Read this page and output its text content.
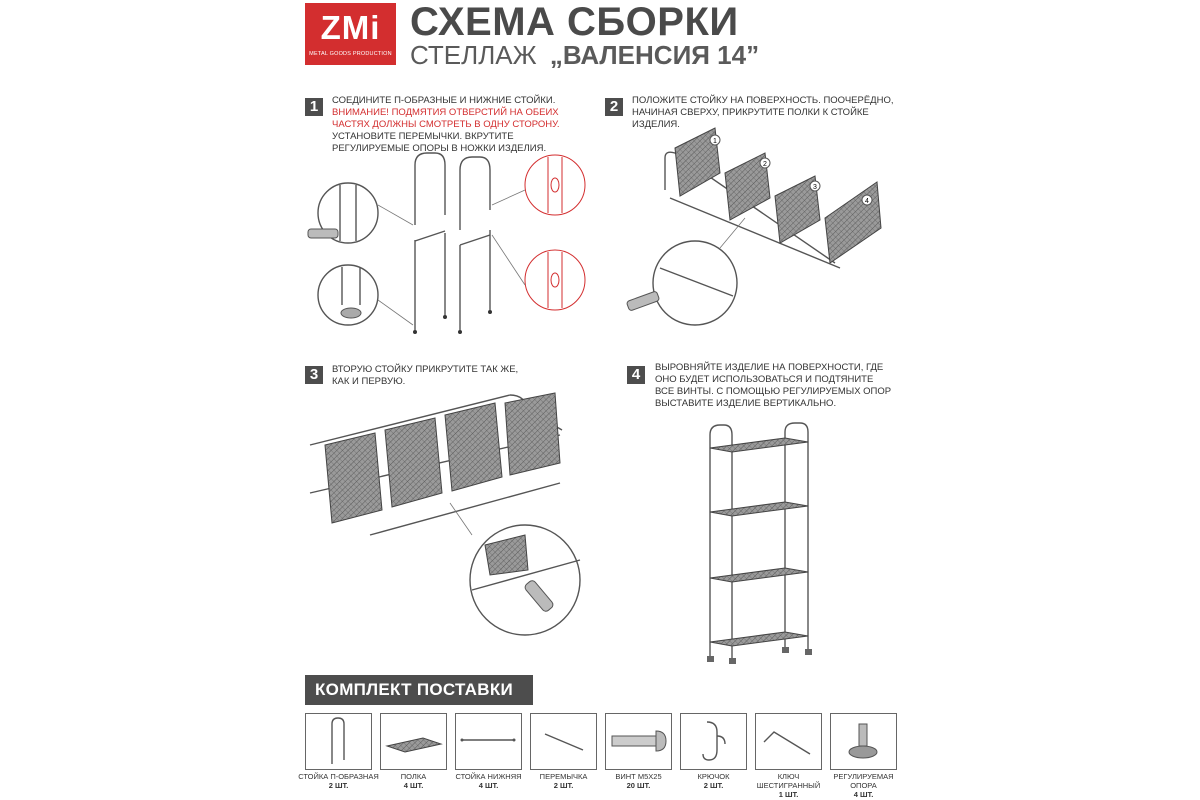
ZMi
METAL GOODS PRODUCTION
СХЕМА СБОРКИ
СТЕЛЛАЖ „ВАЛЕНСИЯ 14”
1	СОЕДИНИТЕ П-ОБРАЗНЫЕ И НИЖНИЕ СТОЙКИ. ВНИМАНИЕ! ПОДМЯТИЯ ОТВЕРСТИЙ НА ОБЕИХ ЧАСТЯХ ДОЛЖНЫ СМОТРЕТЬ В ОДНУ СТОРОНУ. УСТАНОВИТЕ ПЕРЕМЫЧКИ. ВКРУТИТЕ РЕГУЛИРУЕМЫЕ ОПОРЫ В НОЖКИ ИЗДЕЛИЯ.
2	ПОЛОЖИТЕ СТОЙКУ НА ПОВЕРХНОСТЬ. ПООЧЕРЁДНО, НАЧИНАЯ СВЕРХУ, ПРИКРУТИТЕ ПОЛКИ К СТОЙКЕ ИЗДЕЛИЯ.
1
2
3
4
3	ВТОРУЮ СТОЙКУ ПРИКРУТИТЕ ТАК ЖЕ, КАК И ПЕРВУЮ.	4	ВЫРОВНЯЙТЕ ИЗДЕЛИЕ НА ПОВЕРХНОСТИ, ГДЕ ОНО БУДЕТ ИСПОЛЬЗОВАТЬСЯ И ПОДТЯНИТЕ ВСЕ ВИНТЫ. С ПОМОЩЬЮ РЕГУЛИРУЕМЫХ ОПОР ВЫСТАВИТЕ ИЗДЕЛИЕ ВЕРТИКАЛЬНО.
КОМПЛЕКТ ПОСТАВКИ
СТОЙКА П-ОБРАЗНАЯ
2 ШТ.
ПОЛКА
4 ШТ.
СТОЙКА НИЖНЯЯ
4 ШТ.
ПЕРЕМЫЧКА
2 ШТ.
ВИНТ M5X25
20 ШТ.
КРЮЧОК
2 ШТ.
КЛЮЧ ШЕСТИГРАННЫЙ
1 ШТ.
РЕГУЛИРУЕМАЯ ОПОРА
4 ШТ.
